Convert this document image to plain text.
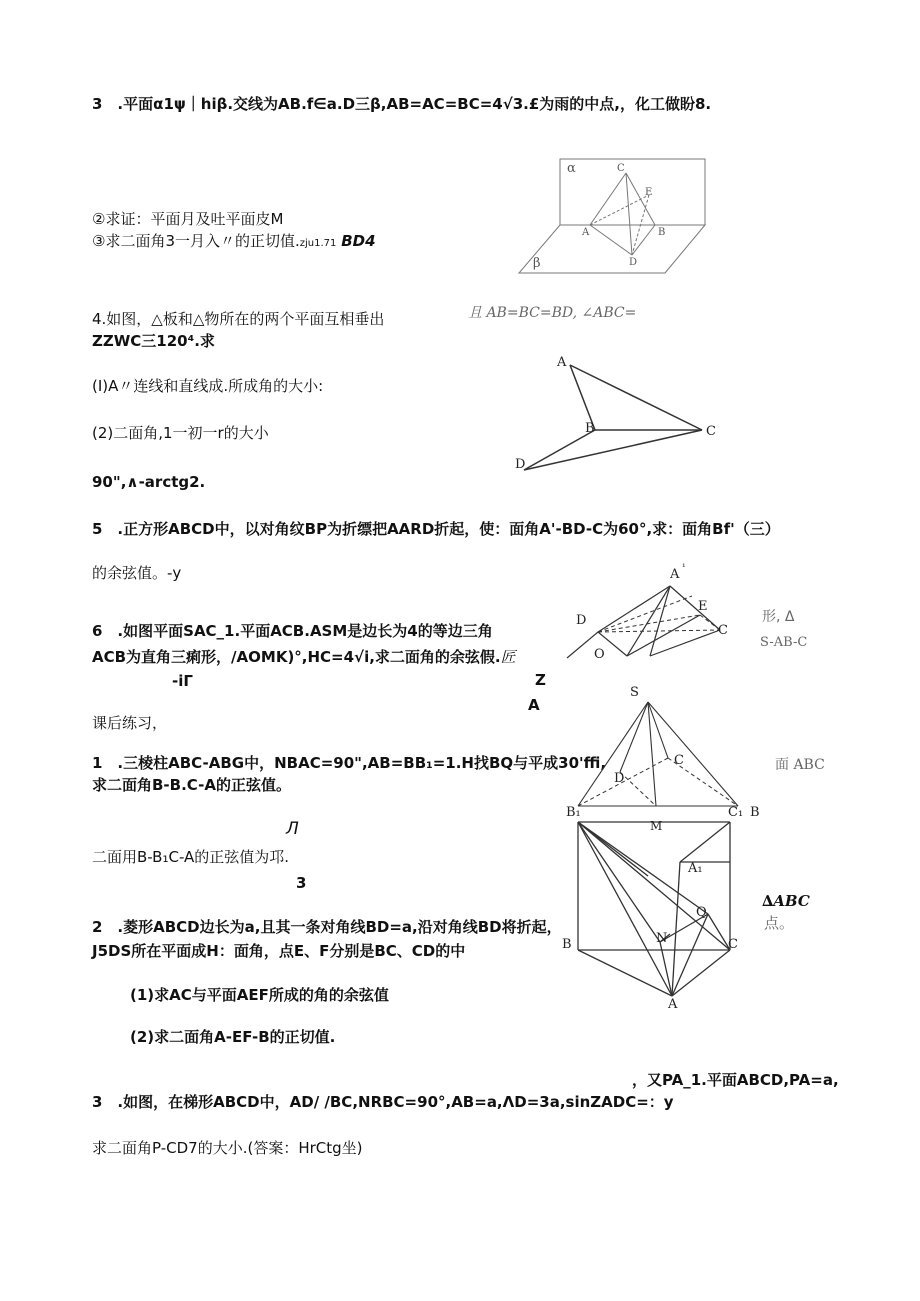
3　.平面α1ψ｜hiβ.交线为AB.f∈a.D三β,AB=AC=BC=4√3.£为雨的中点,，化工做盼8.
②求证：平面月及吐平面皮M
③求二面角3一月入〃的正切值.zju1.71 BD4
α	C
E
A	B
D
β
4.如图，△板和△物所在的两个平面互相垂出	且 AB=BC=BD, ∠ABC=
ZZWC三120⁴.求
(I)A〃连线和直线成.所成角的大小:
(2)二面角,1一初一r的大小
90",∧-arctg2.
A
B	C
D
5　.正方形ABCD中，以对角纹BP为折缥把AARD折起，使：面角A'-BD-C为60°,求：面角Bf'（三）
的余弦值。-y	A ¹
D
E
C
O
形, Δ
S-AB-C
6　.如图平面SAC_1.平面ACB.ASM是边长为4的等边三角
ACB为直角三痢形，/AOMK)°,HC=4√i,求二面角的余弦假.匠
-iΓ	Z
A
课后练习，
1　.三棱柱ABC-ABG中，NBAC=90",AB=BB₁=1.H找BQ与平成30'ffi,
求二面角B-B.C-A的正弦值。
面 ABC
Л
二面用B-B₁C-A的正弦值为邛.
3
S
D
C
B₁
M
C₁ B
A₁
Q
N
B	C
A
∆ABC
点。
2　.菱形ABCD边长为a,且其一条对角线BD=a,沿对角线BD将折起，
J5DS所在平面成H：面角，点E、F分别是BC、CD的中
(1)求AC与平面AEF所成的角的余弦值
(2)求二面角A-EF-B的正切值.
，又PA_1.平面ABCD,PA=a,
3　.如图，在梯形ABCD中，AD/ /BC,NRBC=90°,AB=a,ΛD=3a,sinZADC=：y
求二面角P-CD7的大小.(答案：HrCtg坐)
